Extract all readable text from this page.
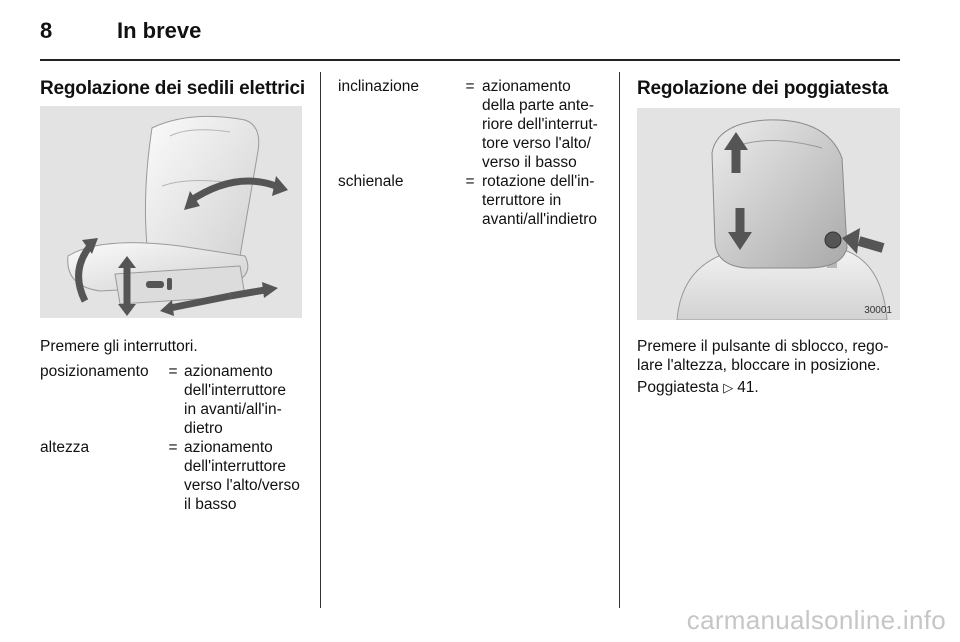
8	In breve
Regolazione dei sedili elettrici
Premere gli interruttori.
posizionamento	= azionamento
dell'interruttore
in avanti/all'in-
dietro
altezza	= azionamento
dell'interruttore
verso l'alto/verso
il basso
inclinazione	= azionamento
della parte ante-
riore dell'interrut-
tore verso l'alto/
verso il basso
schienale	= rotazione dell'in-
terruttore in
avanti/all'indietro
Regolazione dei poggiatesta
30001
Premere il pulsante di sblocco, rego-
lare l'altezza, bloccare in posizione.
Poggiatesta ▷ 41.
carmanualsonline.info
